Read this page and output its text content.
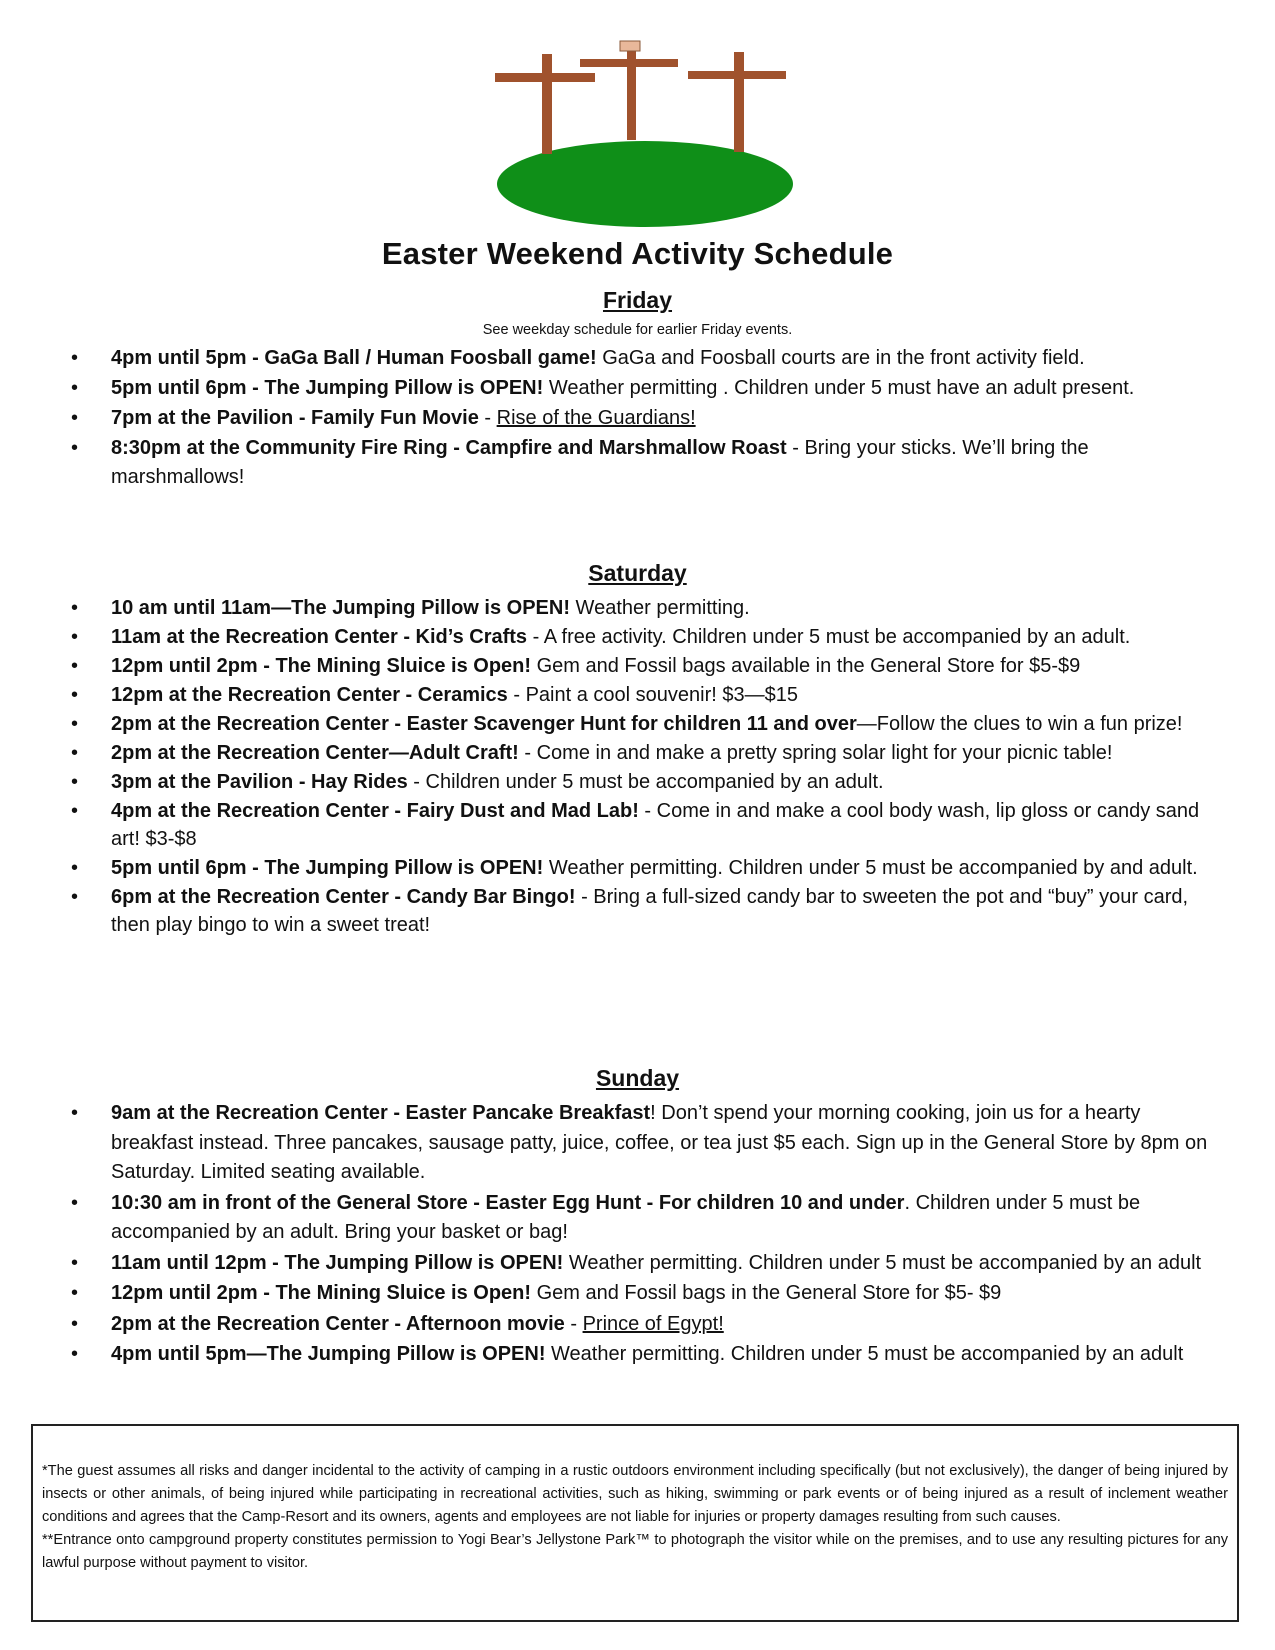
Easter Weekend Activity Schedule
Friday
See weekday schedule for earlier Friday events.
• 4pm until 5pm - GaGa Ball / Human Foosball game! GaGa and Foosball courts are in the front activity field.
• 5pm until 6pm - The Jumping Pillow is OPEN! Weather permitting . Children under 5 must have an adult present.
• 7pm at the Pavilion - Family Fun Movie - Rise of the Guardians!
• 8:30pm at the Community Fire Ring - Campfire and Marshmallow Roast - Bring your sticks. We’ll bring the marshmallows!
Saturday
• 10 am until 11am—The Jumping Pillow is OPEN! Weather permitting.
• 11am at the Recreation Center - Kid’s Crafts - A free activity. Children under 5 must be accompanied by an adult.
• 12pm until 2pm - The Mining Sluice is Open! Gem and Fossil bags available in the General Store for $5-$9
• 12pm at the Recreation Center - Ceramics - Paint a cool souvenir! $3—$15
• 2pm at the Recreation Center - Easter Scavenger Hunt for children 11 and over—Follow the clues to win a fun prize!
• 2pm at the Recreation Center—Adult Craft! - Come in and make a pretty spring solar light for your picnic table!
• 3pm at the Pavilion - Hay Rides - Children under 5 must be accompanied by an adult.
• 4pm at the Recreation Center - Fairy Dust and Mad Lab! - Come in and make a cool body wash, lip gloss or candy sand art! $3-$8
• 5pm until 6pm - The Jumping Pillow is OPEN! Weather permitting. Children under 5 must be accompanied by and adult.
• 6pm at the Recreation Center - Candy Bar Bingo! - Bring a full-sized candy bar to sweeten the pot and “buy” your card, then play bingo to win a sweet treat!
Sunday
• 9am at the Recreation Center - Easter Pancake Breakfast! Don’t spend your morning cooking, join us for a hearty breakfast instead. Three pancakes, sausage patty, juice, coffee, or tea just $5 each. Sign up in the General Store by 8pm on Saturday. Limited seating available.
• 10:30 am in front of the General Store - Easter Egg Hunt - For children 10 and under. Children under 5 must be accompanied by an adult. Bring your basket or bag!
• 11am until 12pm - The Jumping Pillow is OPEN! Weather permitting. Children under 5 must be accompanied by an adult
• 12pm until 2pm - The Mining Sluice is Open! Gem and Fossil bags in the General Store for $5- $9
• 2pm at the Recreation Center - Afternoon movie - Prince of Egypt!
• 4pm until 5pm—The Jumping Pillow is OPEN! Weather permitting. Children under 5 must be accompanied by an adult

*The guest assumes all risks and danger incidental to the activity of camping in a rustic outdoors environment including specifically (but not exclusively), the danger of being injured by insects or other animals, of being injured while participating in recreational activities, such as hiking, swimming or park events or of being injured as a result of inclement weather conditions and agrees that the Camp-Resort and its owners, agents and employees are not liable for injuries or property damages resulting from such causes.

**Entrance onto campground property constitutes permission to Yogi Bear’s Jellystone Park™ to photograph the visitor while on the premises, and to use any resulting pictures for any lawful purpose without payment to visitor.
